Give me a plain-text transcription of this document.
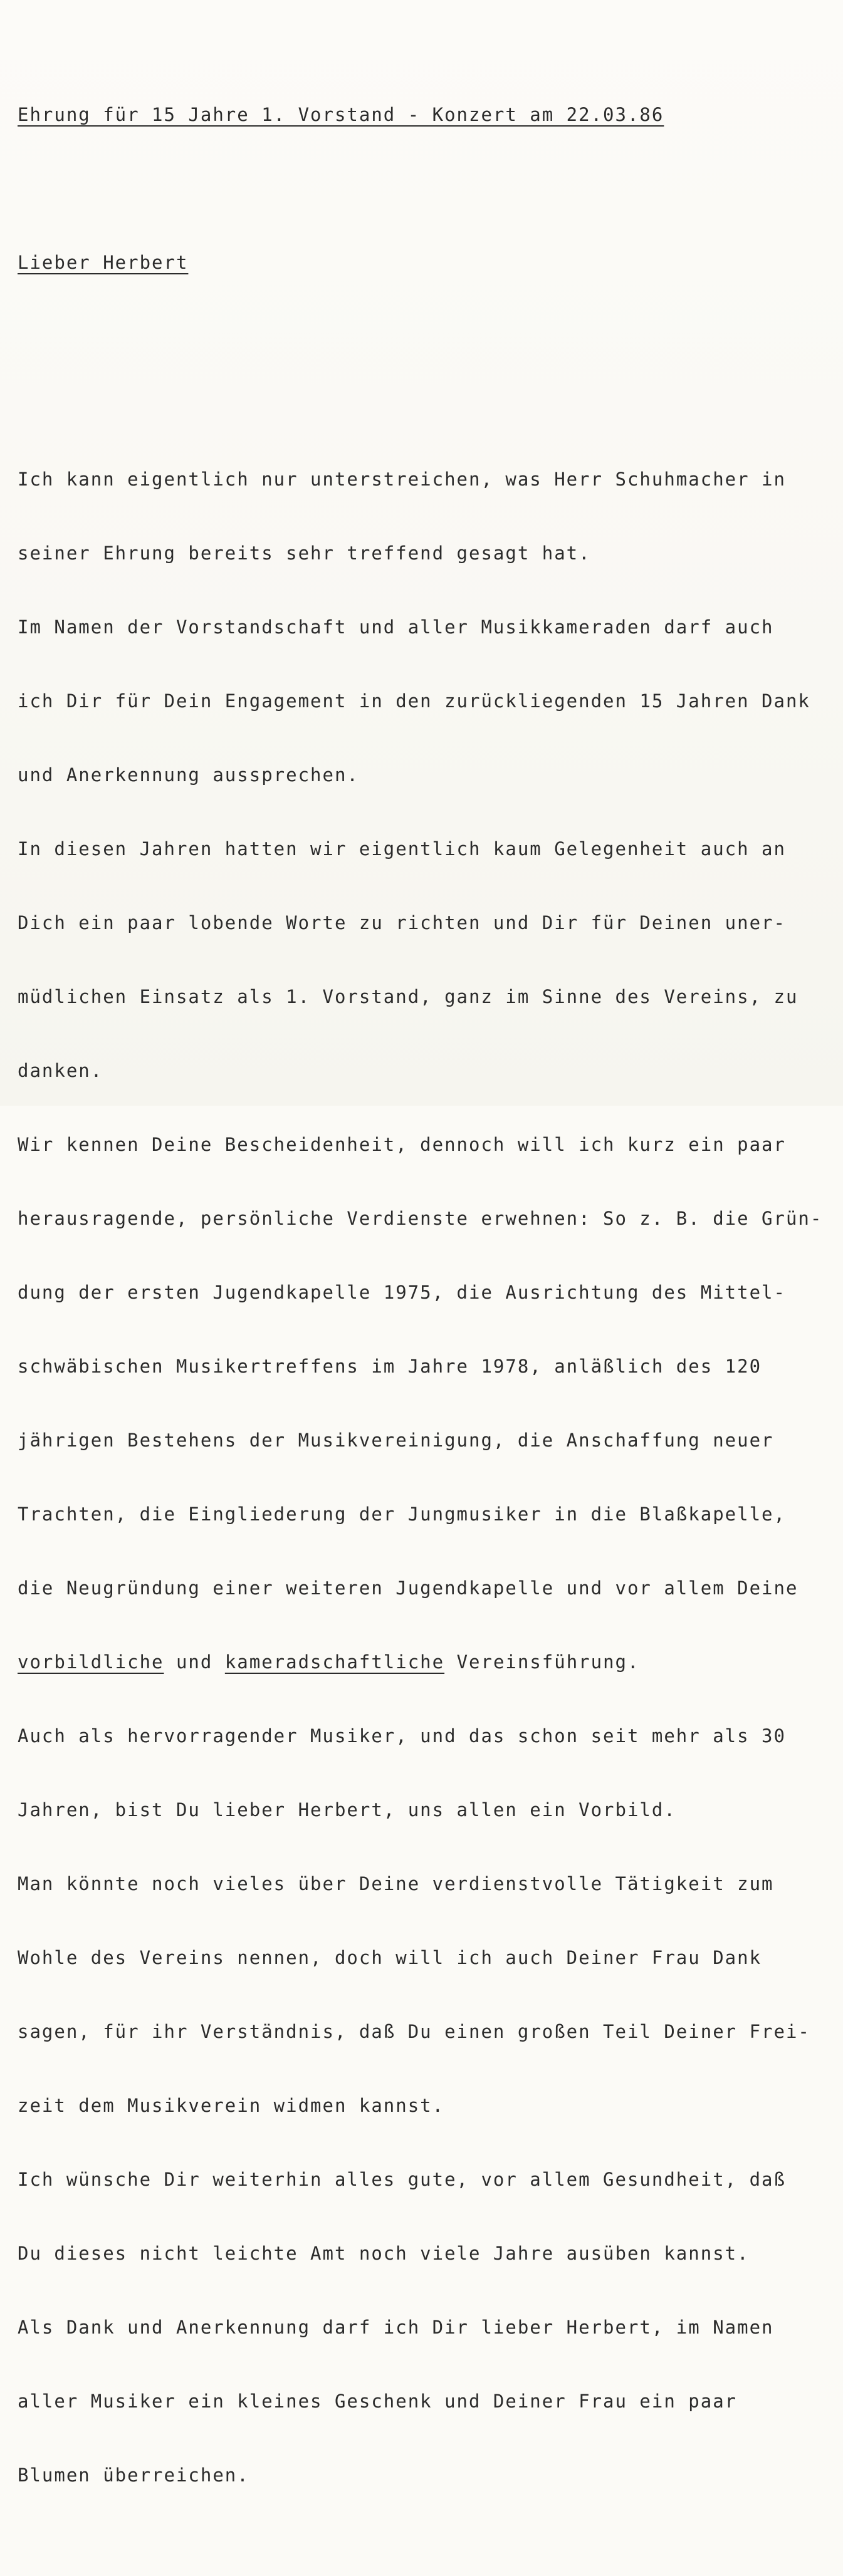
Ehrung für 15 Jahre 1. Vorstand - Konzert am 22.03.86

Lieber Herbert

Ich kann eigentlich nur unterstreichen, was Herr Schuhmacher in

seiner Ehrung bereits sehr treffend gesagt hat.

Im Namen der Vorstandschaft und aller Musikkameraden darf auch

ich Dir für Dein Engagement in den zurückliegenden 15 Jahren Dank

und Anerkennung aussprechen.

In diesen Jahren hatten wir eigentlich kaum Gelegenheit auch an

Dich ein paar lobende Worte zu richten und Dir für Deinen uner-

müdlichen Einsatz als 1. Vorstand, ganz im Sinne des Vereins, zu

danken.

Wir kennen Deine Bescheidenheit, dennoch will ich kurz ein paar

herausragende, persönliche Verdienste erwehnen: So z. B. die Grün-

dung der ersten Jugendkapelle 1975, die Ausrichtung des Mittel-

schwäbischen Musikertreffens im Jahre 1978, anläßlich des 120

jährigen Bestehens der Musikvereinigung, die Anschaffung neuer

Trachten, die Eingliederung der Jungmusiker in die Blaßkapelle,

die Neugründung einer weiteren Jugendkapelle und vor allem Deine

vorbildliche und kameradschaftliche Vereinsführung.

Auch als hervorragender Musiker, und das schon seit mehr als 30

Jahren, bist Du lieber Herbert, uns allen ein Vorbild.

Man könnte noch vieles über Deine verdienstvolle Tätigkeit zum

Wohle des Vereins nennen, doch will ich auch Deiner Frau Dank

sagen, für ihr Verständnis, daß Du einen großen Teil Deiner Frei-

zeit dem Musikverein widmen kannst.

Ich wünsche Dir weiterhin alles gute, vor allem Gesundheit, daß

Du dieses nicht leichte Amt noch viele Jahre ausüben kannst.

Als Dank und Anerkennung darf ich Dir lieber Herbert, im Namen

aller Musiker ein kleines Geschenk und Deiner Frau ein paar

Blumen überreichen.
